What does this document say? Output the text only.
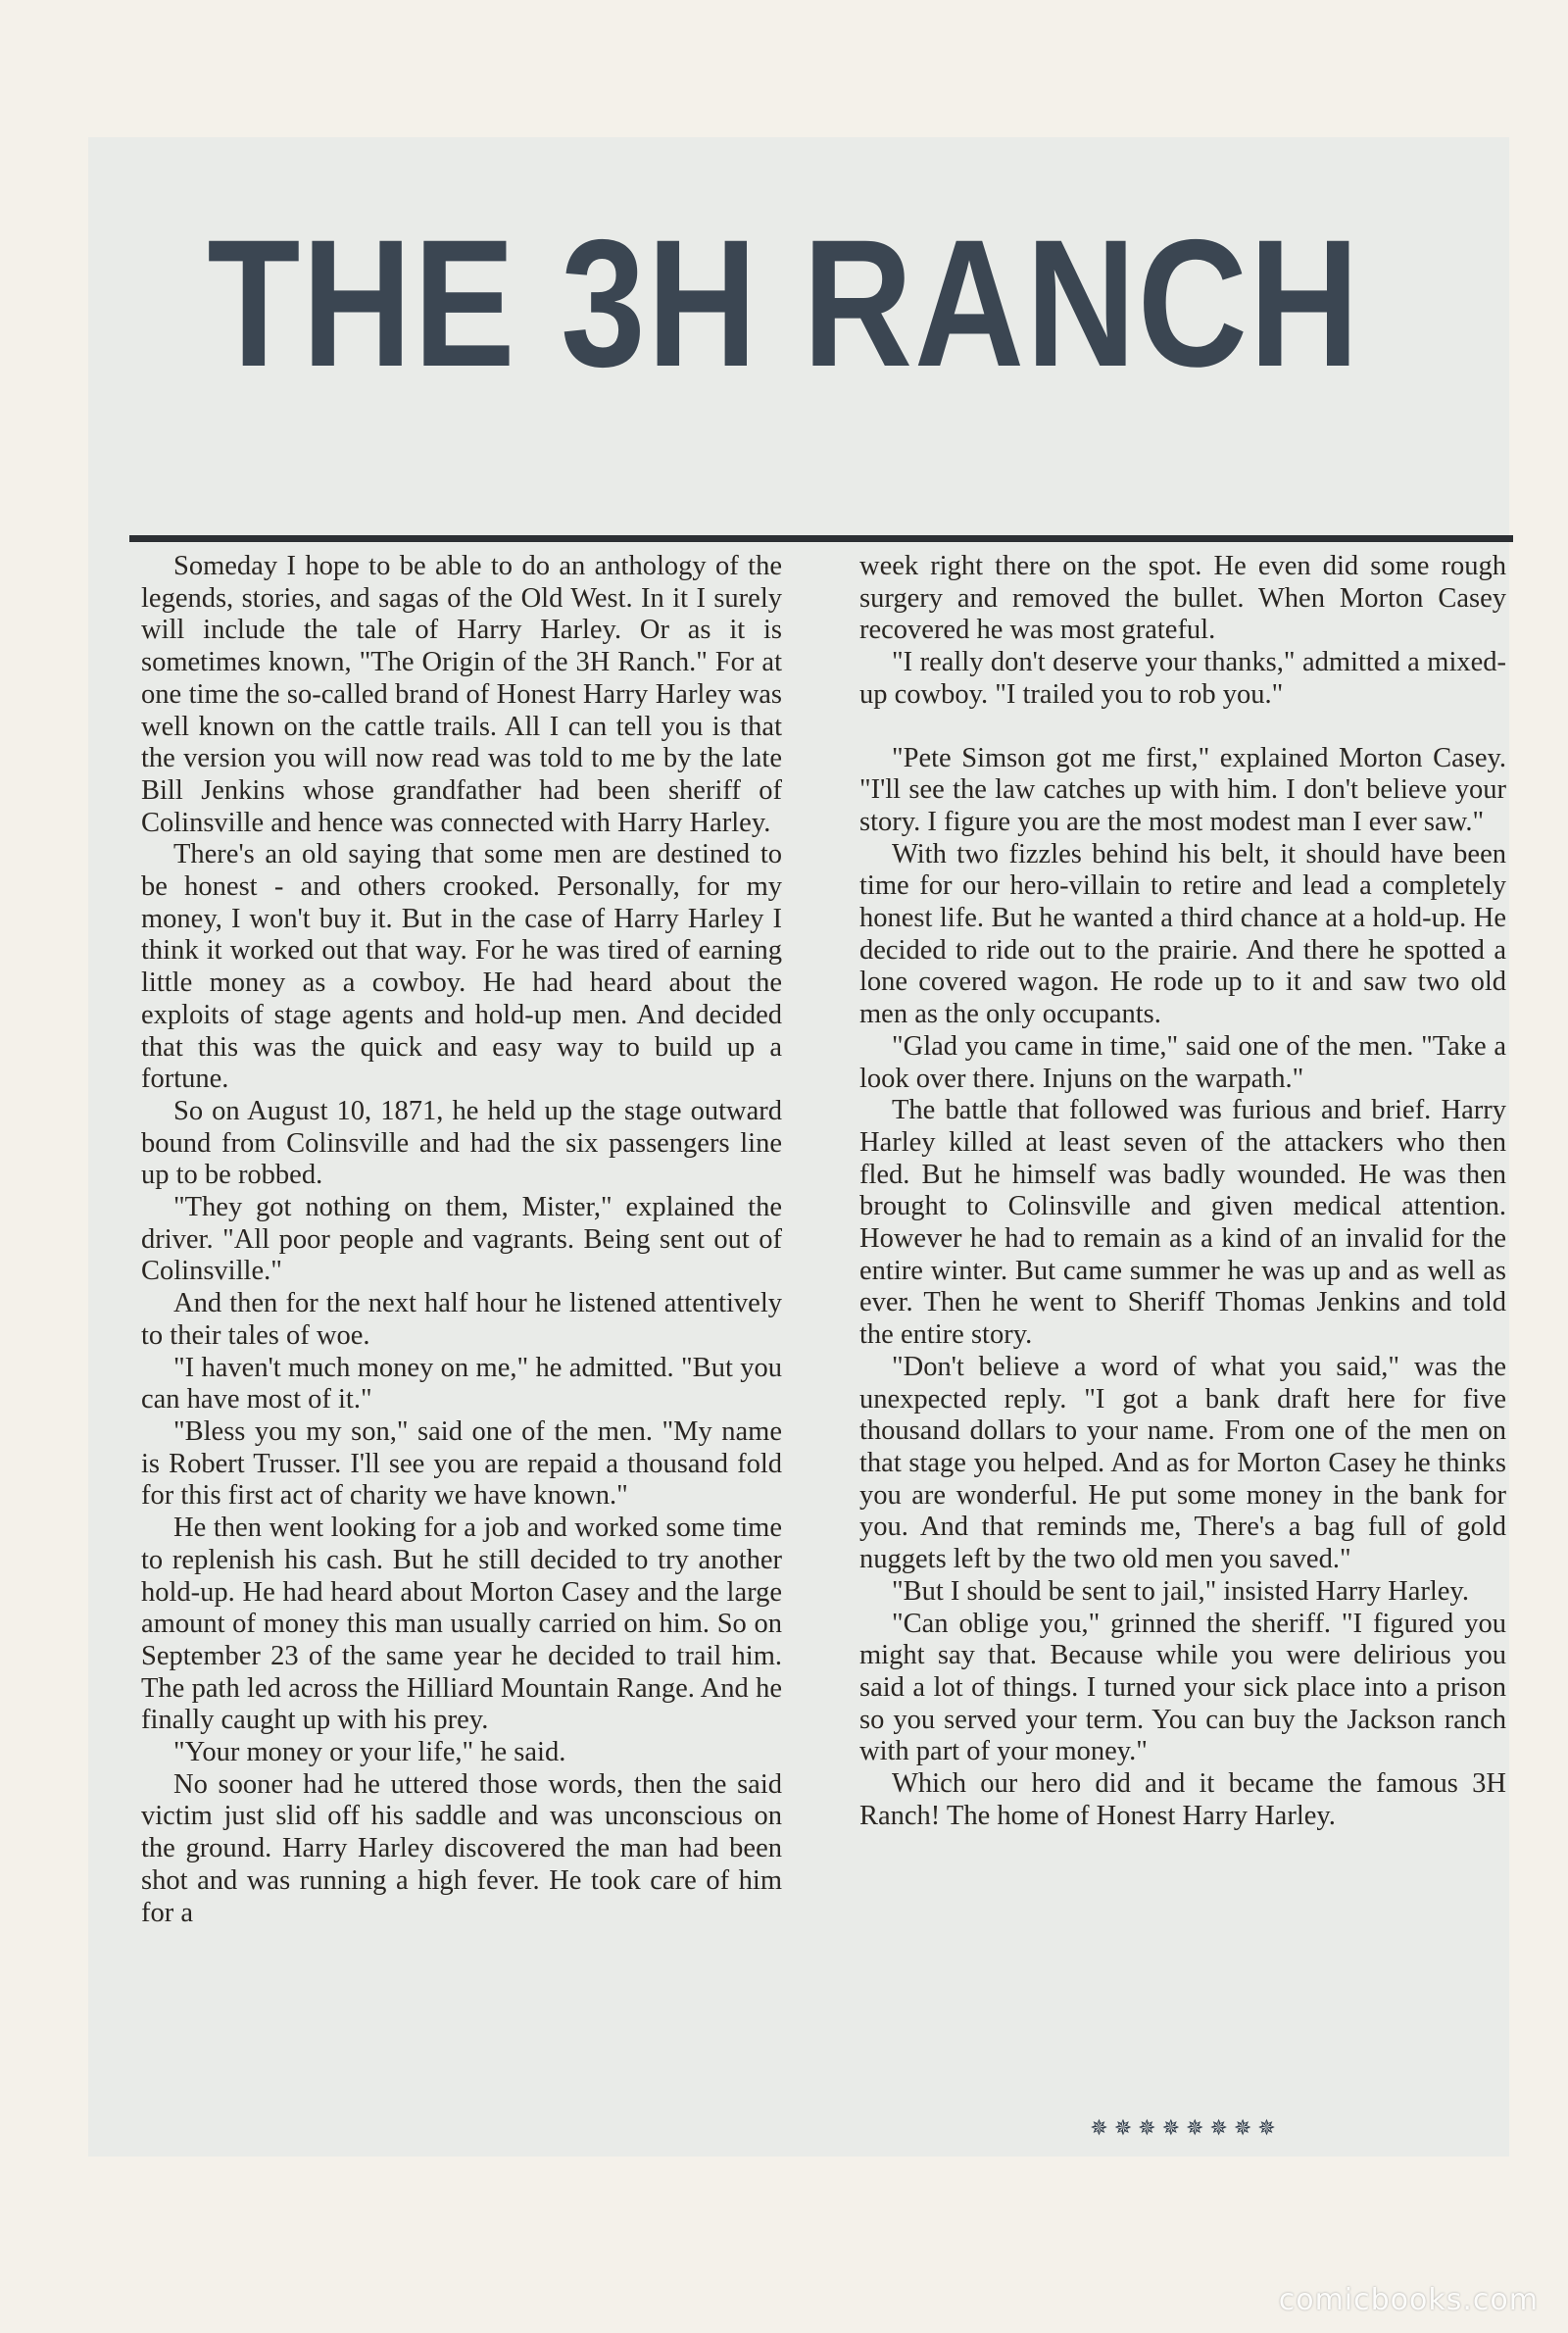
THE 3H RANCH

Someday I hope to be able to do an anthology of the legends, stories, and sagas of the Old West. In it I surely will include the tale of Harry Harley. Or as it is sometimes known, "The Origin of the 3H Ranch." For at one time the so-called brand of Honest Harry Harley was well known on the cattle trails. All I can tell you is that the version you will now read was told to me by the late Bill Jenkins whose grandfather had been sheriff of Colinsville and hence was connected with Harry Harley.

There's an old saying that some men are destined to be honest - and others crooked. Personally, for my money, I won't buy it. But in the case of Harry Harley I think it worked out that way. For he was tired of earning little money as a cowboy. He had heard about the exploits of stage agents and hold-up men. And decided that this was the quick and easy way to build up a fortune.

So on August 10, 1871, he held up the stage outward bound from Colinsville and had the six passengers line up to be robbed.

"They got nothing on them, Mister," explained the driver. "All poor people and vagrants. Being sent out of Colinsville."

And then for the next half hour he listened attentively to their tales of woe.

"I haven't much money on me," he admitted. "But you can have most of it."

"Bless you my son," said one of the men. "My name is Robert Trusser. I'll see you are repaid a thousand fold for this first act of charity we have known."

He then went looking for a job and worked some time to replenish his cash. But he still decided to try another hold-up. He had heard about Morton Casey and the large amount of money this man usually carried on him. So on September 23 of the same year he decided to trail him. The path led across the Hilliard Mountain Range. And he finally caught up with his prey.

"Your money or your life," he said.

No sooner had he uttered those words, then the said victim just slid off his saddle and was unconscious on the ground. Harry Harley discovered the man had been shot and was running a high fever. He took care of him for a

week right there on the spot. He even did some rough surgery and removed the bullet. When Morton Casey recovered he was most grateful.

"I really don't deserve your thanks," admitted a mixed-up cowboy. "I trailed you to rob you."

"Pete Simson got me first," explained Morton Casey. "I'll see the law catches up with him. I don't believe your story. I figure you are the most modest man I ever saw."

With two fizzles behind his belt, it should have been time for our hero-villain to retire and lead a completely honest life. But he wanted a third chance at a hold-up. He decided to ride out to the prairie. And there he spotted a lone covered wagon. He rode up to it and saw two old men as the only occupants.

"Glad you came in time," said one of the men. "Take a look over there. Injuns on the warpath."

The battle that followed was furious and brief. Harry Harley killed at least seven of the attackers who then fled. But he himself was badly wounded. He was then brought to Colinsville and given medical attention. However he had to remain as a kind of an invalid for the entire winter. But came summer he was up and as well as ever. Then he went to Sheriff Thomas Jenkins and told the entire story.

"Don't believe a word of what you said," was the unexpected reply. "I got a bank draft here for five thousand dollars to your name. From one of the men on that stage you helped. And as for Morton Casey he thinks you are wonderful. He put some money in the bank for you. And that reminds me, There's a bag full of gold nuggets left by the two old men you saved."

"But I should be sent to jail," insisted Harry Harley.

"Can oblige you," grinned the sheriff. "I figured you might say that. Because while you were delirious you said a lot of things. I turned your sick place into a prison so you served your term. You can buy the Jackson ranch with part of your money."

Which our hero did and it became the famous 3H Ranch! The home of Honest Harry Harley.

✵✵✵✵✵✵✵✵
comicbooks.com
